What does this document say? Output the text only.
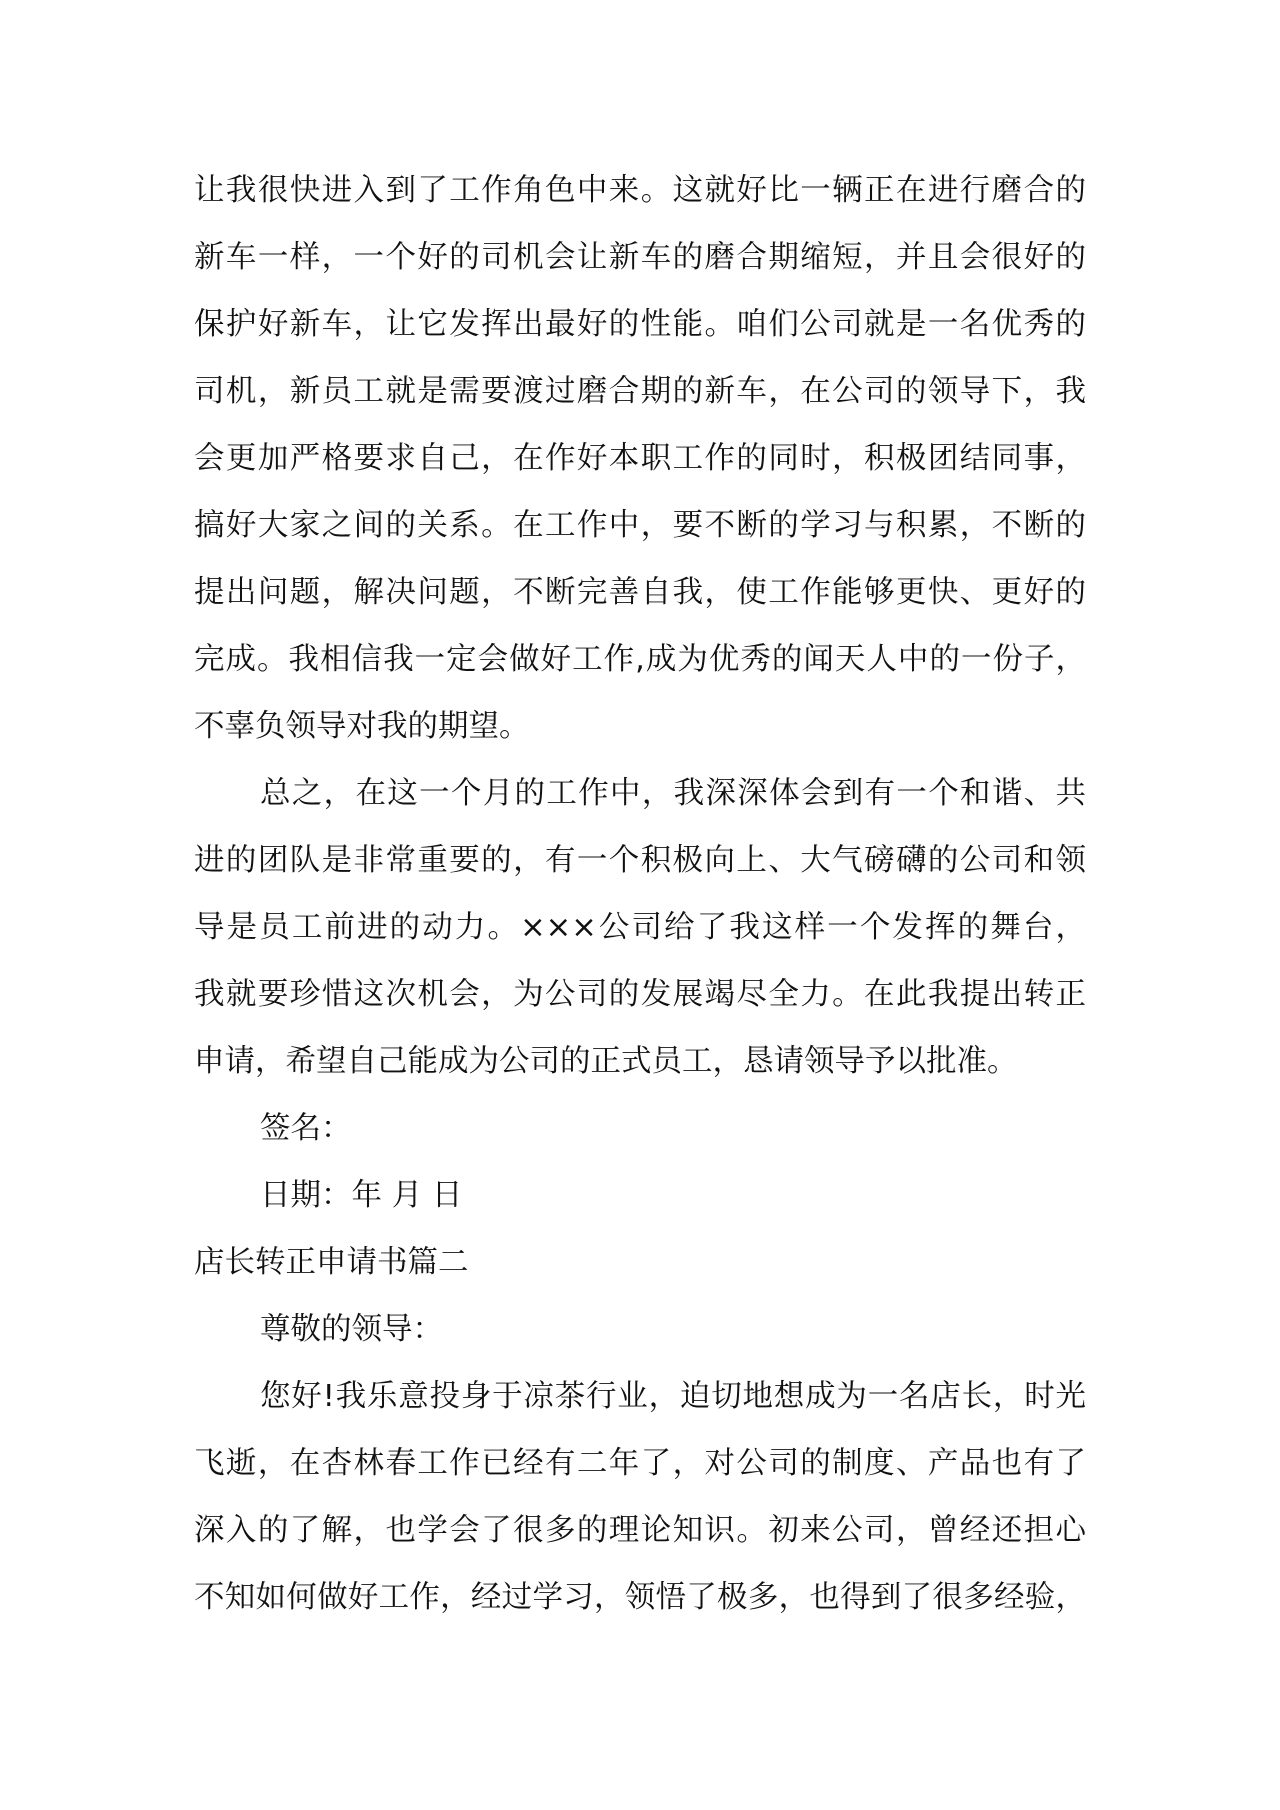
让我很快进入到了工作角色中来。这就好比一辆正在进行磨合的
新车一样，一个好的司机会让新车的磨合期缩短，并且会很好的
保护好新车，让它发挥出最好的性能。咱们公司就是一名优秀的
司机，新员工就是需要渡过磨合期的新车，在公司的领导下，我
会更加严格要求自己，在作好本职工作的同时，积极团结同事，
搞好大家之间的关系。在工作中，要不断的学习与积累，不断的
提出问题，解决问题，不断完善自我，使工作能够更快、更好的
完成。我相信我一定会做好工作,成为优秀的闻天人中的一份子，
不辜负领导对我的期望。
总之，在这一个月的工作中，我深深体会到有一个和谐、共
进的团队是非常重要的，有一个积极向上、大气磅礴的公司和领
导是员工前进的动力。×××公司给了我这样一个发挥的舞台，
我就要珍惜这次机会，为公司的发展竭尽全力。在此我提出转正
申请，希望自己能成为公司的正式员工，恳请领导予以批准。
签名：
日期：年 月 日
店长转正申请书篇二
尊敬的领导：
您好!我乐意投身于凉茶行业，迫切地想成为一名店长，时光
飞逝，在杏林春工作已经有二年了，对公司的制度、产品也有了
深入的了解，也学会了很多的理论知识。初来公司，曾经还担心
不知如何做好工作，经过学习，领悟了极多，也得到了很多经验，
